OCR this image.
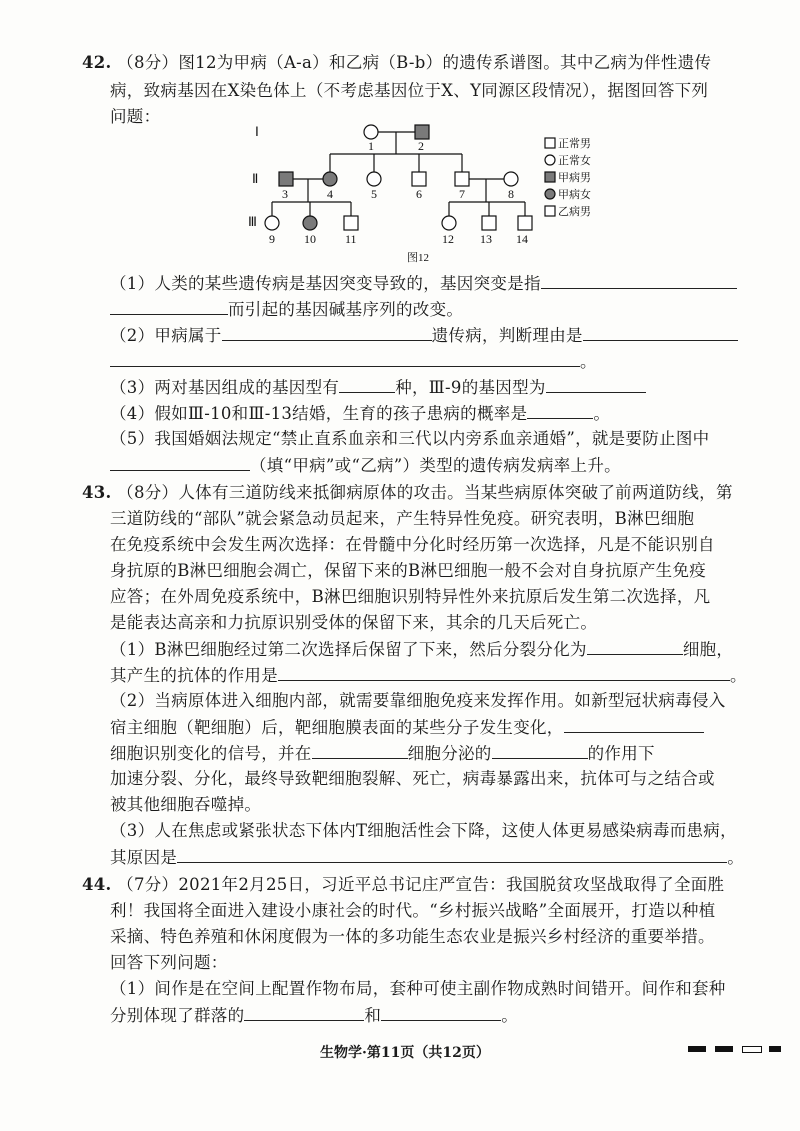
42. （8分）图12为甲病（A-a）和乙病（B-b）的遗传系谱图。其中乙病为伴性遗传
病，致病基因在X染色体上（不考虑基因位于X、Y同源区段情况），据图回答下列
问题：
Ⅰ
Ⅱ
Ⅲ
1	2
3	4	5	6	7	8
9 10 11	12 13 14
正常男
正常女
甲病男
甲病女
乙病男
图12
（1）人类的某些遗传病是基因突变导致的，基因突变是指
而引起的基因碱基序列的改变。
（2）甲病属于	遗传病，判断理由是
。
（3）两对基因组成的基因型有	种，Ⅲ-9的基因型为
（4）假如Ⅲ-10和Ⅲ-13结婚，生育的孩子患病的概率是	。
（5）我国婚姻法规定“禁止直系血亲和三代以内旁系血亲通婚”，就是要防止图中
（填“甲病”或“乙病”）类型的遗传病发病率上升。
43. （8分）人体有三道防线来抵御病原体的攻击。当某些病原体突破了前两道防线，第
三道防线的“部队”就会紧急动员起来，产生特异性免疫。研究表明，B淋巴细胞
在免疫系统中会发生两次选择：在骨髓中分化时经历第一次选择，凡是不能识别自
身抗原的B淋巴细胞会凋亡，保留下来的B淋巴细胞一般不会对自身抗原产生免疫
应答；在外周免疫系统中，B淋巴细胞识别特异性外来抗原后发生第二次选择，凡
是能表达高亲和力抗原识别受体的保留下来，其余的几天后死亡。
（1）B淋巴细胞经过第二次选择后保留了下来，然后分裂分化为	细胞，
其产生的抗体的作用是	。
（2）当病原体进入细胞内部，就需要靠细胞免疫来发挥作用。如新型冠状病毒侵入
宿主细胞（靶细胞）后，靶细胞膜表面的某些分子发生变化，
细胞识别变化的信号，并在	细胞分泌的	的作用下
加速分裂、分化，最终导致靶细胞裂解、死亡，病毒暴露出来，抗体可与之结合或
被其他细胞吞噬掉。
（3）人在焦虑或紧张状态下体内T细胞活性会下降，这使人体更易感染病毒而患病，
其原因是	。
44. （7分）2021年2月25日，习近平总书记庄严宣告：我国脱贫攻坚战取得了全面胜
利！我国将全面进入建设小康社会的时代。“乡村振兴战略”全面展开，打造以种植
采摘、特色养殖和休闲度假为一体的多功能生态农业是振兴乡村经济的重要举措。
回答下列问题：
（1）间作是在空间上配置作物布局，套种可使主副作物成熟时间错开。间作和套种
分别体现了群落的	和	。
生物学·第11页（共12页）
